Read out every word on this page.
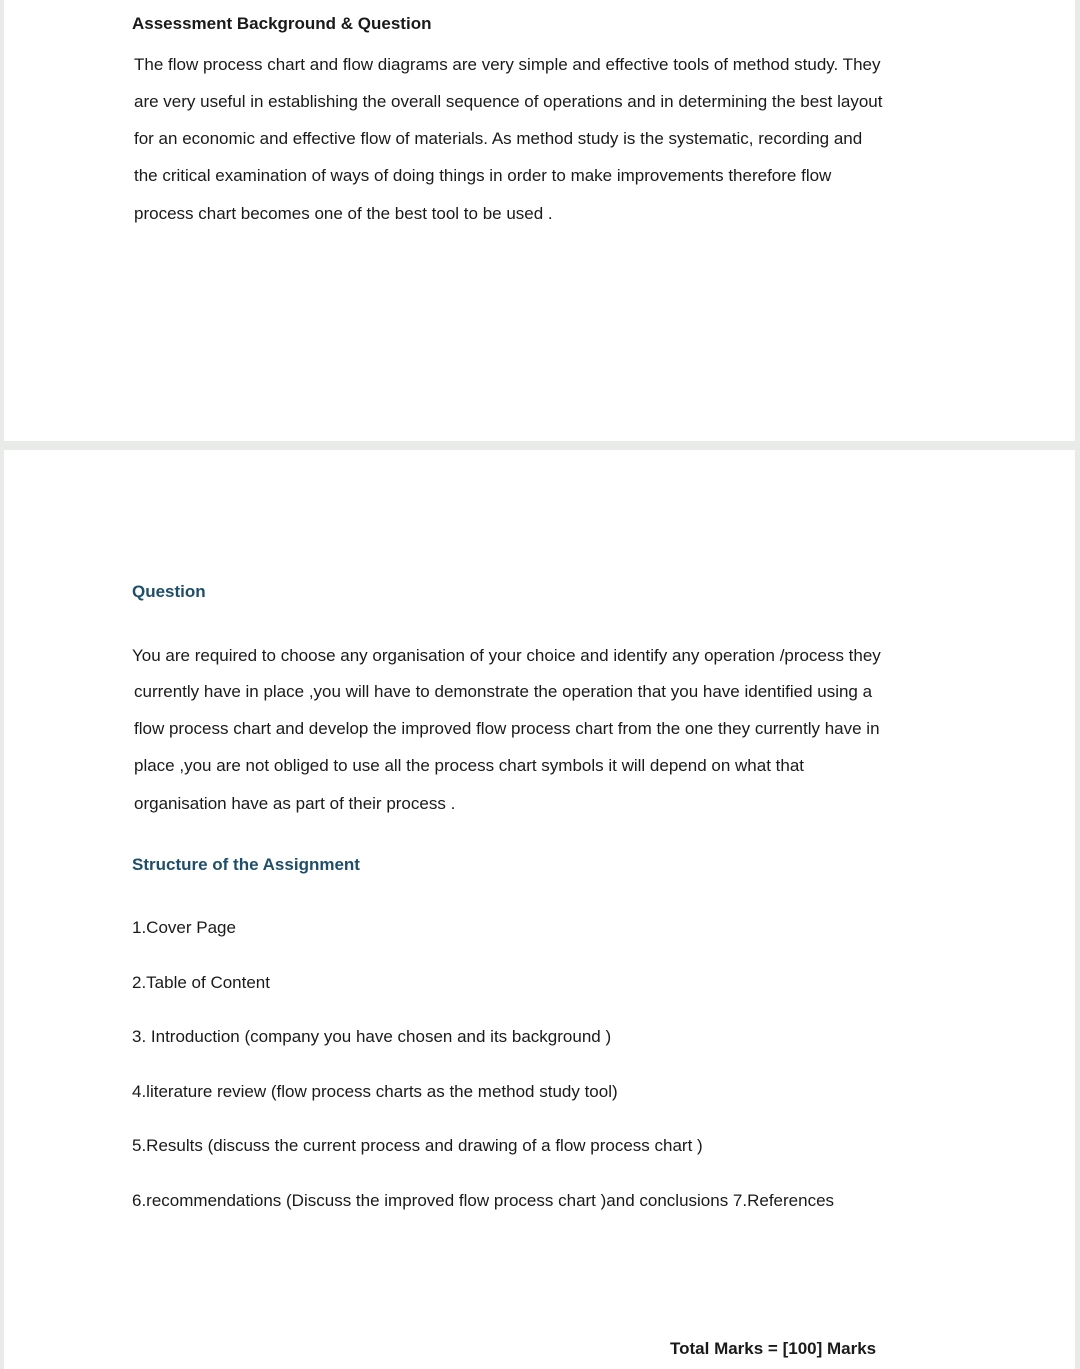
Assessment Background & Question
The flow process chart and flow diagrams are very simple and effective tools of method study. They
are very useful in establishing the overall sequence of operations and in determining the best layout
for an economic and effective flow of materials. As method study is the systematic, recording and
the critical examination of ways of doing things in order to make improvements therefore flow
process chart becomes one of the best tool to be used .
Question
You are required to choose any organisation of your choice and identify any operation /process they
currently have in place ,you will have to demonstrate the operation that you have identified using a
flow process chart and develop the improved flow process chart from the one they currently have in
place ,you are not obliged to use all the process chart symbols it will depend on what that
organisation have as part of their process .
Structure of the Assignment
1.Cover Page
2.Table of Content
3. Introduction (company you have chosen and its background )
4.literature review (flow process charts as the method study tool)
5.Results (discuss the current process and drawing of a flow process chart )
6.recommendations (Discuss the improved flow process chart )and conclusions 7.References
Total Marks = [100] Marks
